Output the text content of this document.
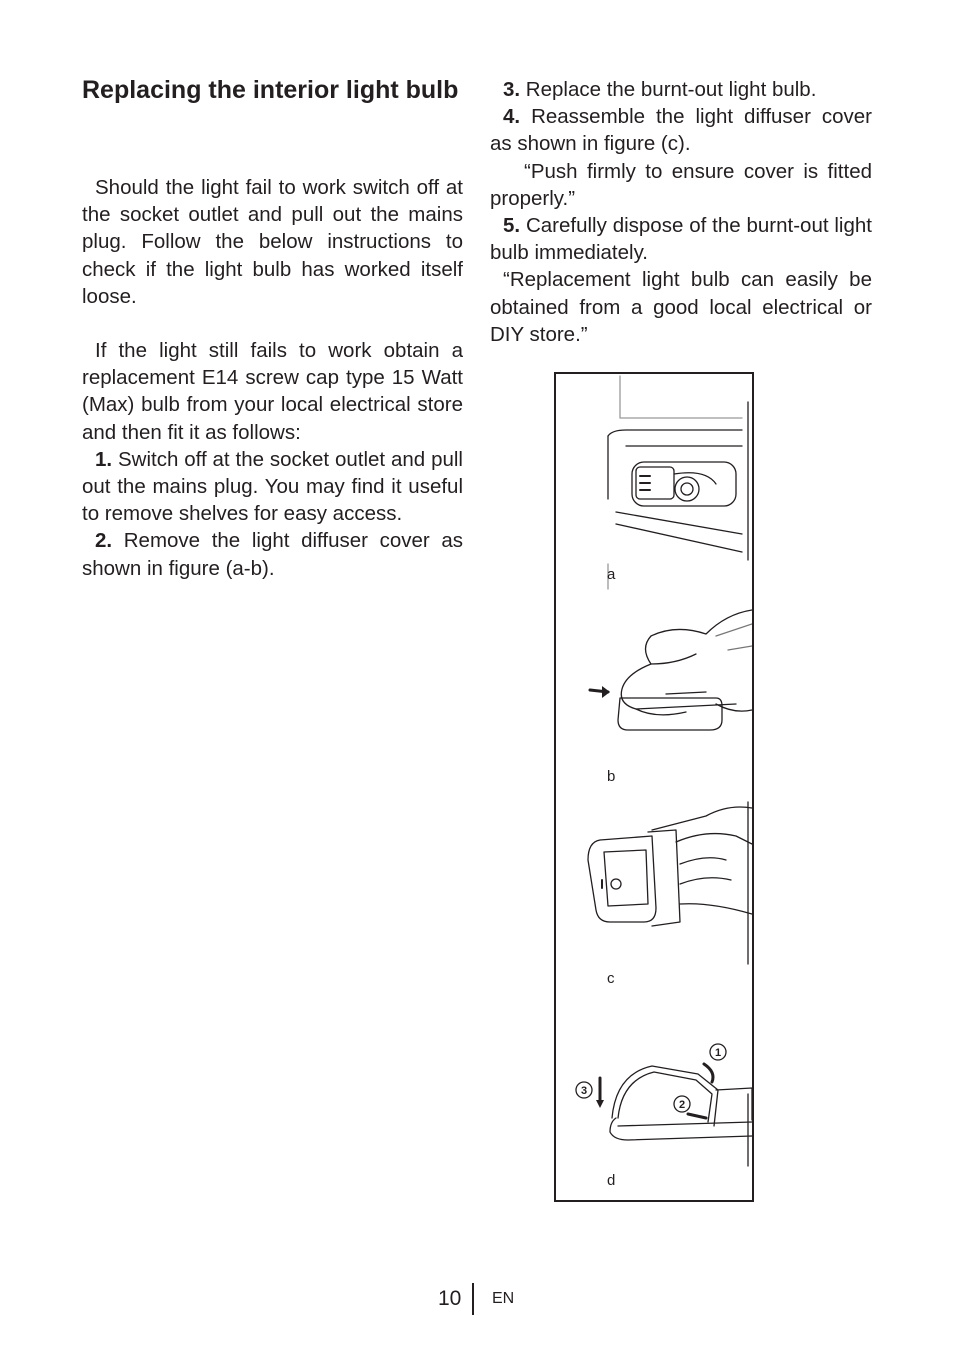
Replacing the interior light bulb

Should the light fail to work switch off at the socket outlet and pull out the mains plug. Follow the below instructions to check if the light bulb has worked itself loose.

If the light still fails to work obtain a replacement E14 screw cap type 15 Watt (Max) bulb from your local electrical store and then fit it as follows:

1. Switch off at the socket outlet and pull out the mains plug. You may find it useful to remove shelves for easy access.

2. Remove the light diffuser cover as shown in figure (a-b).

3. Replace the burnt-out light bulb.

4. Reassemble the light diffuser cover as shown in figure (c).

“Push firmly to ensure cover is fitted properly.”

5. Carefully dispose of the burnt-out light bulb immediately.

“Replacement light bulb can easily be obtained from a good local electrical or DIY store.”

1
2
3
a
b
c
d
10 EN
